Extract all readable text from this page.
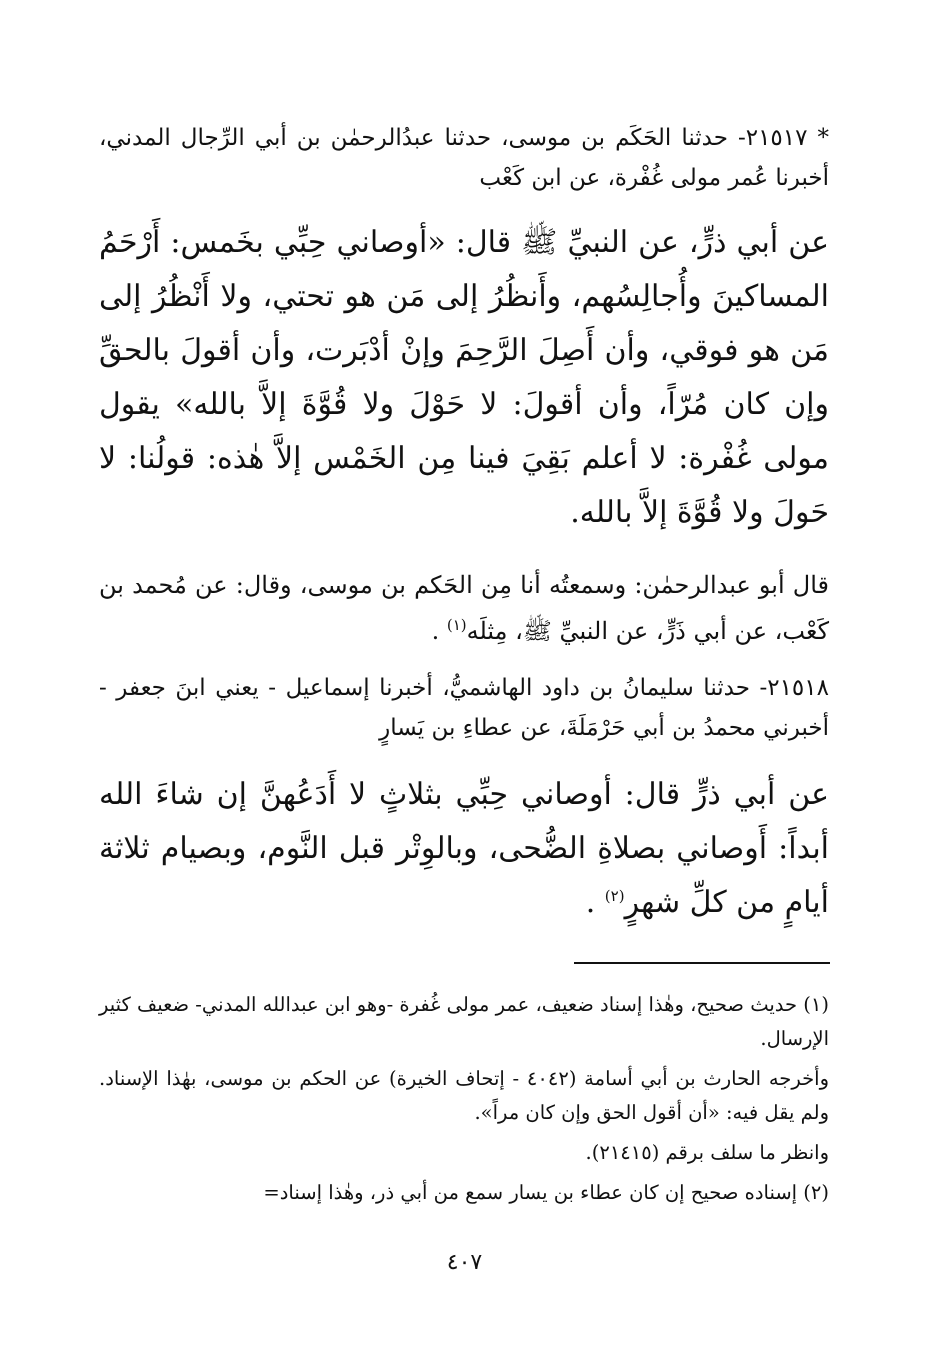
* ٢١٥١٧- حدثنا الحَكَم بن موسى، حدثنا عبدُالرحمٰن بن أبي الرِّجال المدني، أخبرنا عُمر مولى غُفْرة، عن ابن كَعْب

عن أبي ذرٍّ، عن النبيِّ ﷺ قال: «أوصاني حِبِّي بخَمس: أَرْحَمُ المساكينَ وأُجالِسُهم، وأَنظُرُ إلى مَن هو تحتي، ولا أَنْظُرُ إلى مَن هو فوقي، وأن أَصِلَ الرَّحِمَ وإنْ أدْبَرت، وأن أقولَ بالحقِّ وإن كان مُرّاً، وأن أقولَ: لا حَوْلَ ولا قُوَّةَ إلاَّ بالله» يقول مولى غُفْرة: لا أعلم بَقِيَ فينا مِن الخَمْس إلاَّ هٰذه: قولُنا: لا حَولَ ولا قُوَّةَ إلاَّ بالله.

قال أبو عبدالرحمٰن: وسمعتُه أنا مِن الحَكم بن موسى، وقال: عن مُحمد بن كَعْب، عن أبي ذَرٍّ، عن النبيِّ ﷺ، مِثلَه$^{(١)}$ .

٢١٥١٨- حدثنا سليمانُ بن داود الهاشميُّ، أخبرنا إسماعيل - يعني ابنَ جعفر - أخبرني محمدُ بن أبي حَرْمَلَةَ، عن عطاءِ بن يَسارٍ

عن أبي ذرٍّ قال: أوصاني حِبِّي بثلاثٍ لا أَدَعُهنَّ إن شاءَ الله أبداً: أَوصاني بصلاةِ الضُّحى، وبالوِتْر قبل النَّوم، وبصيام ثلاثة أيامٍ من كلِّ شهرٍ$^{(٢)}$ .

(١) حديث صحيح، وهٰذا إسناد ضعيف، عمر مولى غُفرة -وهو ابن عبدالله المدني- ضعيف كثير الإرسال.

وأخرجه الحارث بن أبي أسامة (٤٠٤٢ - إتحاف الخيرة) عن الحكم بن موسى، بهٰذا الإسناد. ولم يقل فيه: «أن أقول الحق وإن كان مراً».

وانظر ما سلف برقم (٢١٤١٥).

(٢) إسناده صحيح إن كان عطاء بن يسار سمع من أبي ذر، وهٰذا إسناد=

٤٠٧
